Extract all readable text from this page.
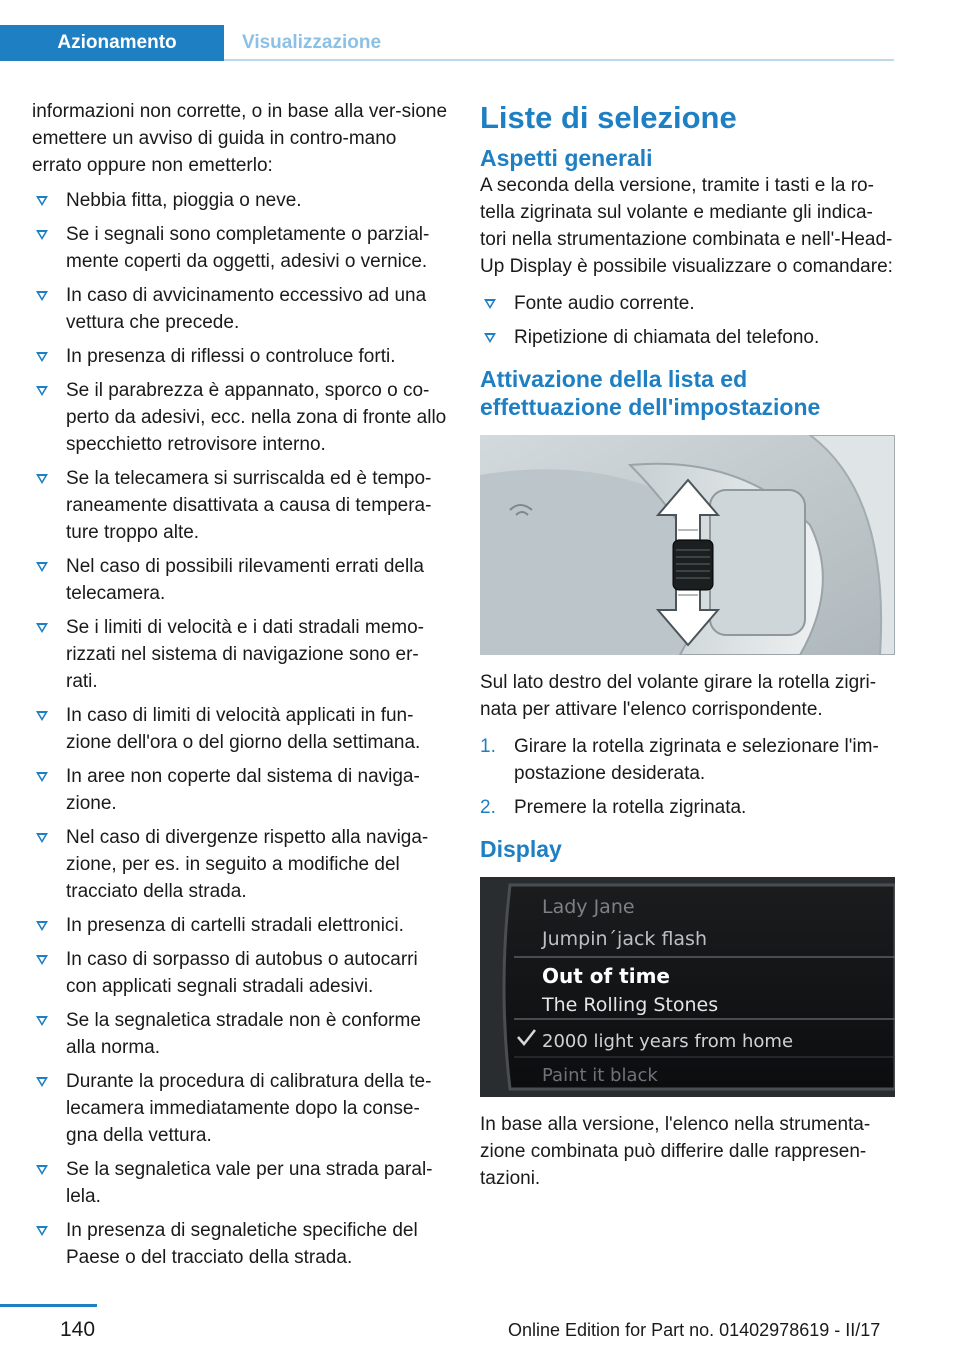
Azionamento	Visualizzazione

informazioni non corrette, o in base alla ver-sione emettere un avviso di guida in contro-mano errato oppure non emetterlo:

Nebbia fitta, pioggia o neve.
Se i segnali sono completamente o parzial-mente coperti da oggetti, adesivi o vernice.
In caso di avvicinamento eccessivo ad una vettura che precede.
In presenza di riflessi o controluce forti.
Se il parabrezza è appannato, sporco o co-perto da adesivi, ecc. nella zona di fronte allo specchietto retrovisore interno.
Se la telecamera si surriscalda ed è tempo-raneamente disattivata a causa di tempera-ture troppo alte.
Nel caso di possibili rilevamenti errati della telecamera.
Se i limiti di velocità e i dati stradali memo-rizzati nel sistema di navigazione sono er-rati.
In caso di limiti di velocità applicati in fun-zione dell'ora o del giorno della settimana.
In aree non coperte dal sistema di naviga-zione.
Nel caso di divergenze rispetto alla naviga-zione, per es. in seguito a modifiche del tracciato della strada.
In presenza di cartelli stradali elettronici.
In caso di sorpasso di autobus o autocarri con applicati segnali stradali adesivi.
Se la segnaletica stradale non è conforme alla norma.
Durante la procedura di calibratura della te-lecamera immediatamente dopo la conse-gna della vettura.
Se la segnaletica vale per una strada paral-lela.
In presenza di segnaletiche specifiche del Paese o del tracciato della strada.
Liste di selezione
Aspetti generali

A seconda della versione, tramite i tasti e la ro-tella zigrinata sul volante e mediante gli indica-tori nella strumentazione combinata e nell'-Head-Up Display è possibile visualizzare o comandare:

Fonte audio corrente.
Ripetizione di chiamata del telefono.
Attivazione della lista ed effettuazione dell'impostazione

Sul lato destro del volante girare la rotella zigri-nata per attivare l'elenco corrispondente.

1. Girare la rotella zigrinata e selezionare l'im-postazione desiderata.
2. Premere la rotella zigrinata.
Display
Lady Jane
Jumpin´jack flash
Out of time
The Rolling Stones
2000 light years from home
Paint it black

In base alla versione, l'elenco nella strumenta-zione combinata può differire dalle rappresen-tazioni.

140	Online Edition for Part no. 01402978619 - II/17
